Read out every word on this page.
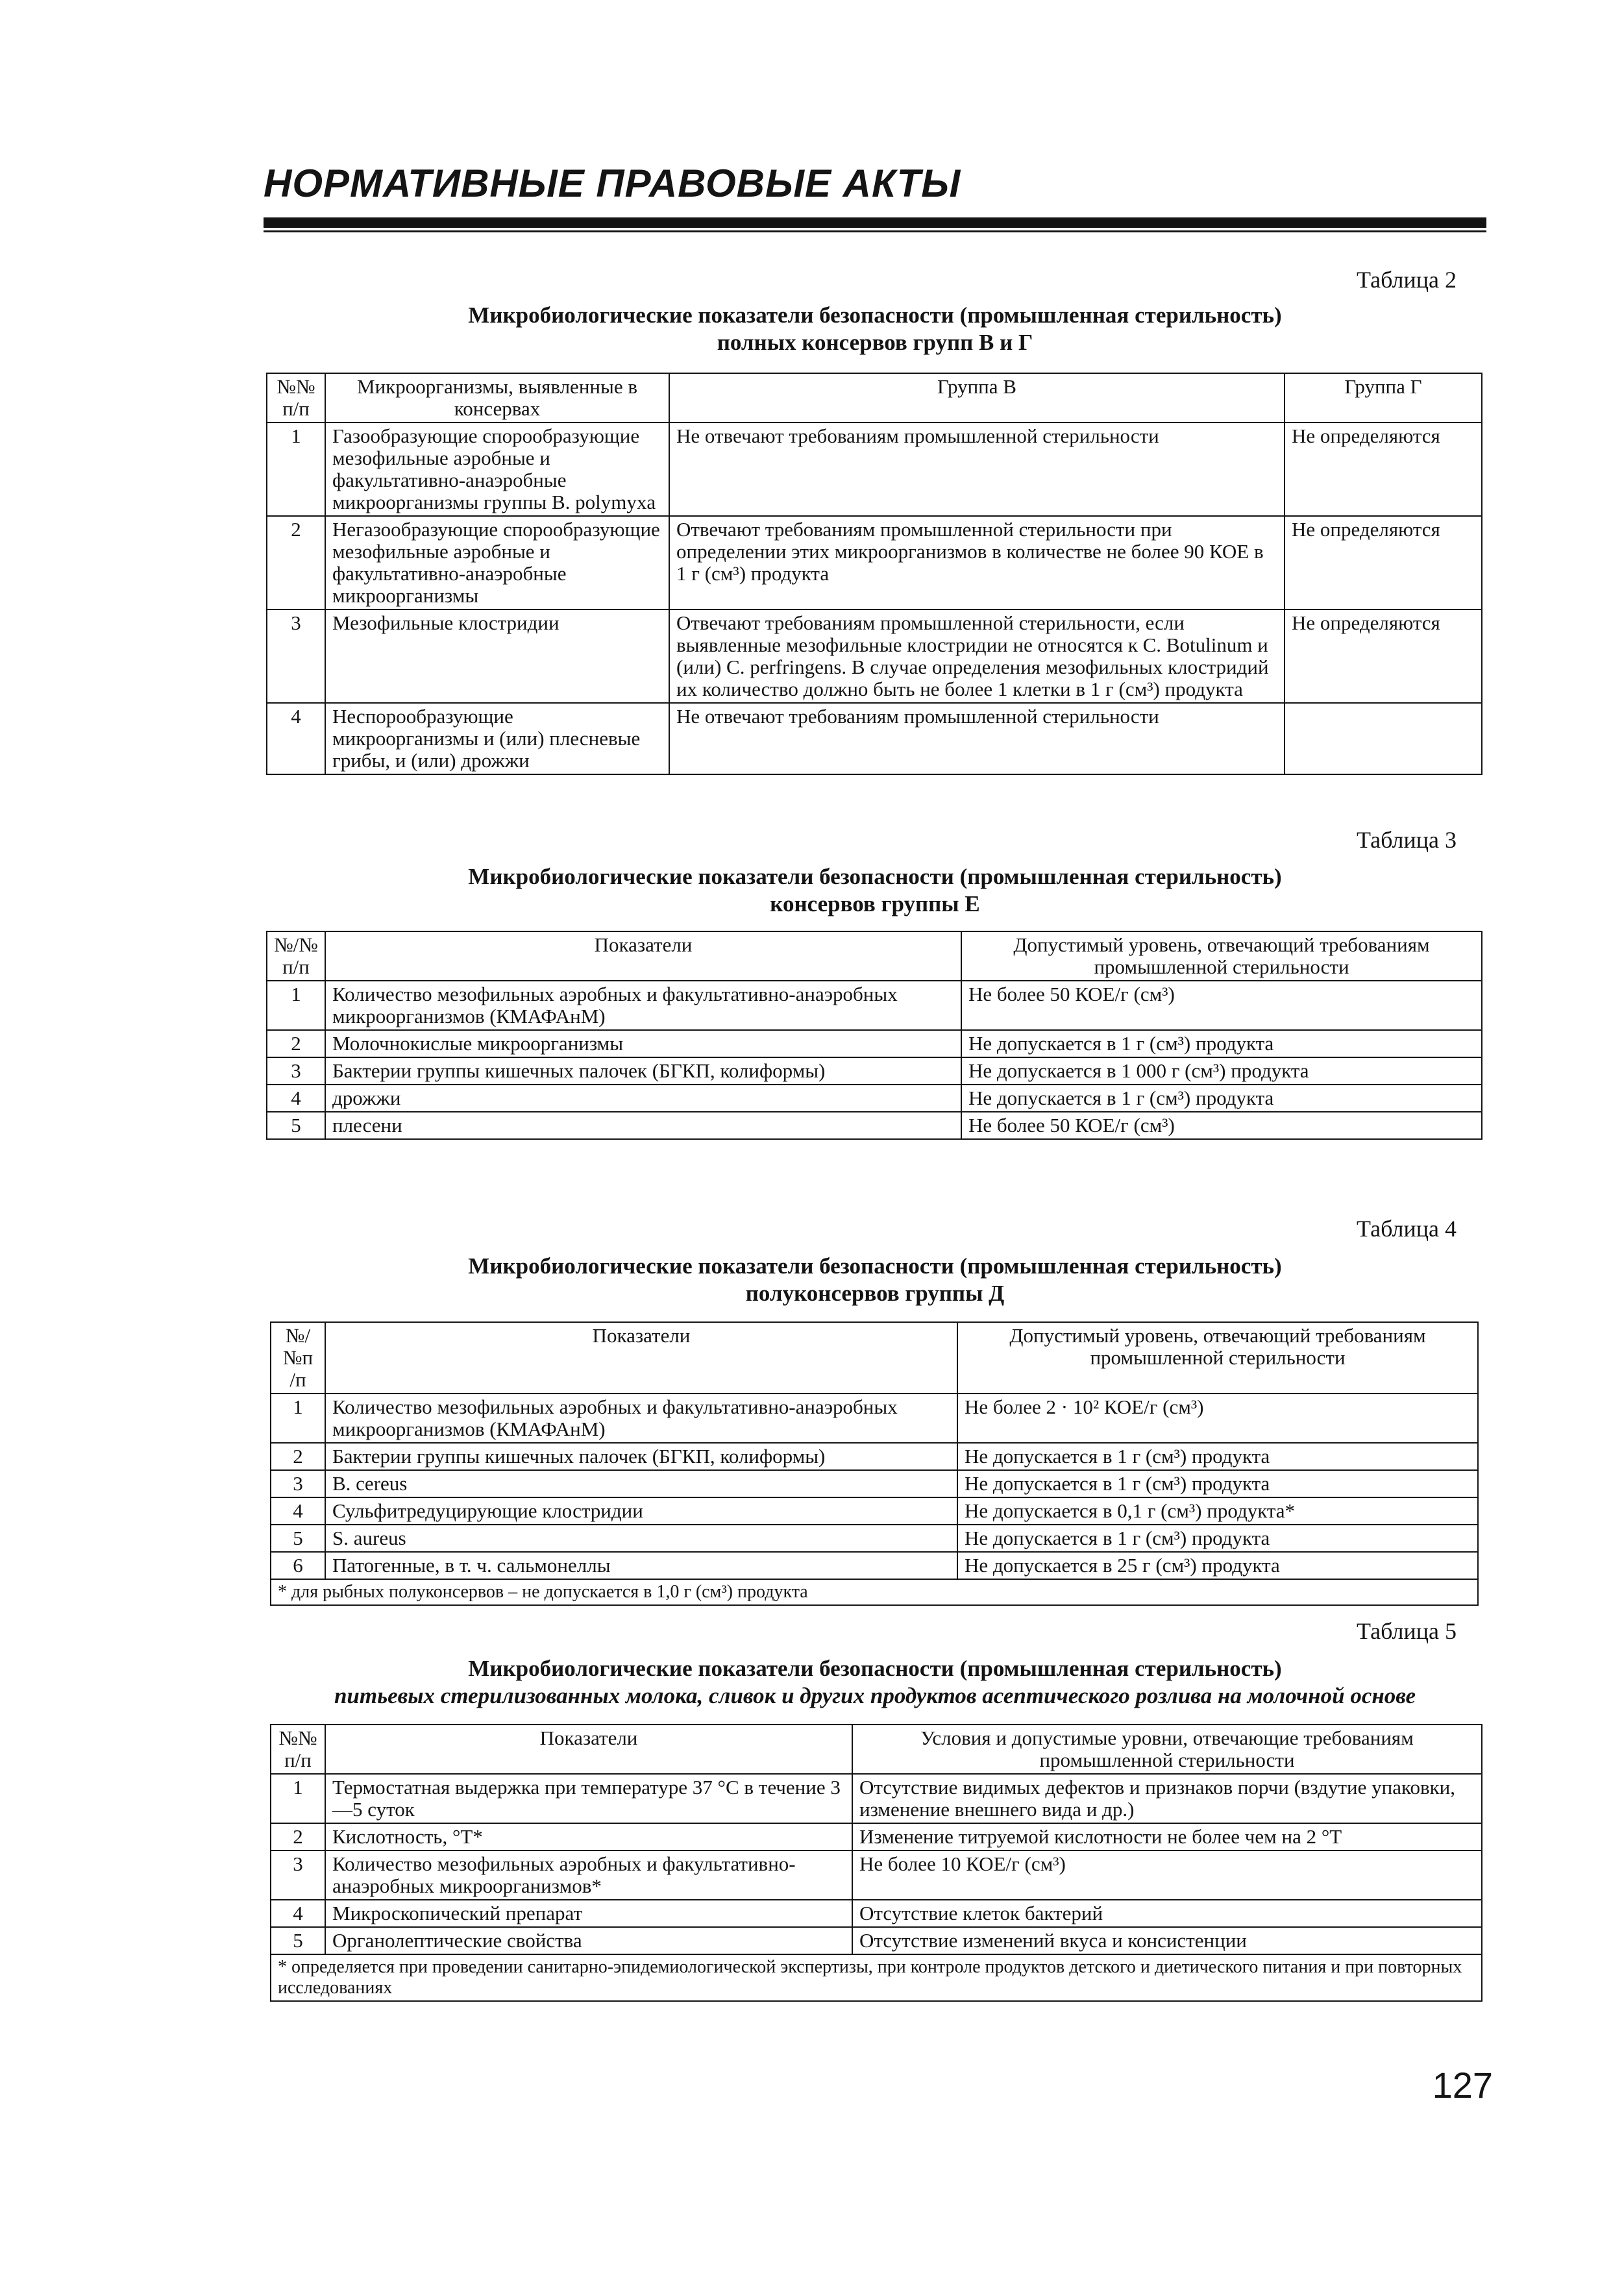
НОРМАТИВНЫЕ ПРАВОВЫЕ АКТЫ
Таблица 2
Микробиологические показатели безопасности (промышленная стерильность)
полных консервов групп В и Г
№№ п/п	Микроорганизмы, выявленные в консервах	Группа В	Группа Г
1	Газообразующие спорообразующие мезофильные аэробные и факультативно-анаэробные микроорганизмы группы B. polymyxa	Не отвечают требованиям промышленной стерильности	Не определяются
2	Негазообразующие спорообразующие мезофильные аэробные и факультативно-анаэробные микроорганизмы	Отвечают требованиям промышленной стерильности при определении этих микроорганизмов в количестве не более 90 КОЕ в 1 г (см³) продукта	Не определяются
3	Мезофильные клостридии	Отвечают требованиям промышленной стерильности, если выявленные мезофильные клостридии не относятся к C. Botulinum и (или) C. perfringens. В случае определения мезофильных клостридий их количество должно быть не более 1 клетки в 1 г (см³) продукта	Не определяются
4	Неспорообразующие микроорганизмы и (или) плесневые грибы, и (или) дрожжи	Не отвечают требованиям промышленной стерильности	
Таблица 3
Микробиологические показатели безопасности (промышленная стерильность)
консервов группы Е
№/№ п/п	Показатели	Допустимый уровень, отвечающий требованиям промышленной стерильности
1	Количество мезофильных аэробных и факультативно-анаэробных микроорганизмов (КМАФАнМ)	Не более 50 КОЕ/г (см³)
2	Молочнокислые микроорганизмы	Не допускается в 1 г (см³) продукта
3	Бактерии группы кишечных палочек (БГКП, колиформы)	Не допускается в 1 000 г (см³) продукта
4	дрожжи	Не допускается в 1 г (см³) продукта
5	плесени	Не более 50 КОЕ/г (см³)
Таблица 4
Микробиологические показатели безопасности (промышленная стерильность)
полуконсервов группы Д
№/№п /п	Показатели	Допустимый уровень, отвечающий требованиям промышленной стерильности
1	Количество мезофильных аэробных и факультативно-анаэробных микроорганизмов (КМАФАнМ)	Не более 2 · 10² КОЕ/г (см³)
2	Бактерии группы кишечных палочек (БГКП, колиформы)	Не допускается в 1 г (см³) продукта
3	B. cereus	Не допускается в 1 г (см³) продукта
4	Сульфитредуцирующие клостридии	Не допускается в 0,1 г (см³) продукта*
5	S. aureus	Не допускается в 1 г (см³) продукта
6	Патогенные, в т. ч. сальмонеллы	Не допускается в 25 г (см³) продукта
* для рыбных полуконсервов – не допускается в 1,0 г (см³) продукта		
Таблица 5
Микробиологические показатели безопасности (промышленная стерильность)
питьевых стерилизованных молока, сливок и других продуктов асептического розлива на молочной основе
№№ п/п	Показатели	Условия и допустимые уровни, отвечающие требованиям промышленной стерильности
1	Термостатная выдержка при температуре 37 °С в течение 3—5 суток	Отсутствие видимых дефектов и признаков порчи (вздутие упаковки, изменение внешнего вида и др.)
2	Кислотность, °Т*	Изменение титруемой кислотности не более чем на 2 °Т
3	Количество мезофильных аэробных и факультативно-анаэробных микроорганизмов*	Не более 10 КОЕ/г (см³)
4	Микроскопический препарат	Отсутствие клеток бактерий
5	Органолептические свойства	Отсутствие изменений вкуса и консистенции
* определяется при проведении санитарно-эпидемиологической экспертизы, при контроле продуктов детского и диетического питания и при повторных исследованиях		
127
